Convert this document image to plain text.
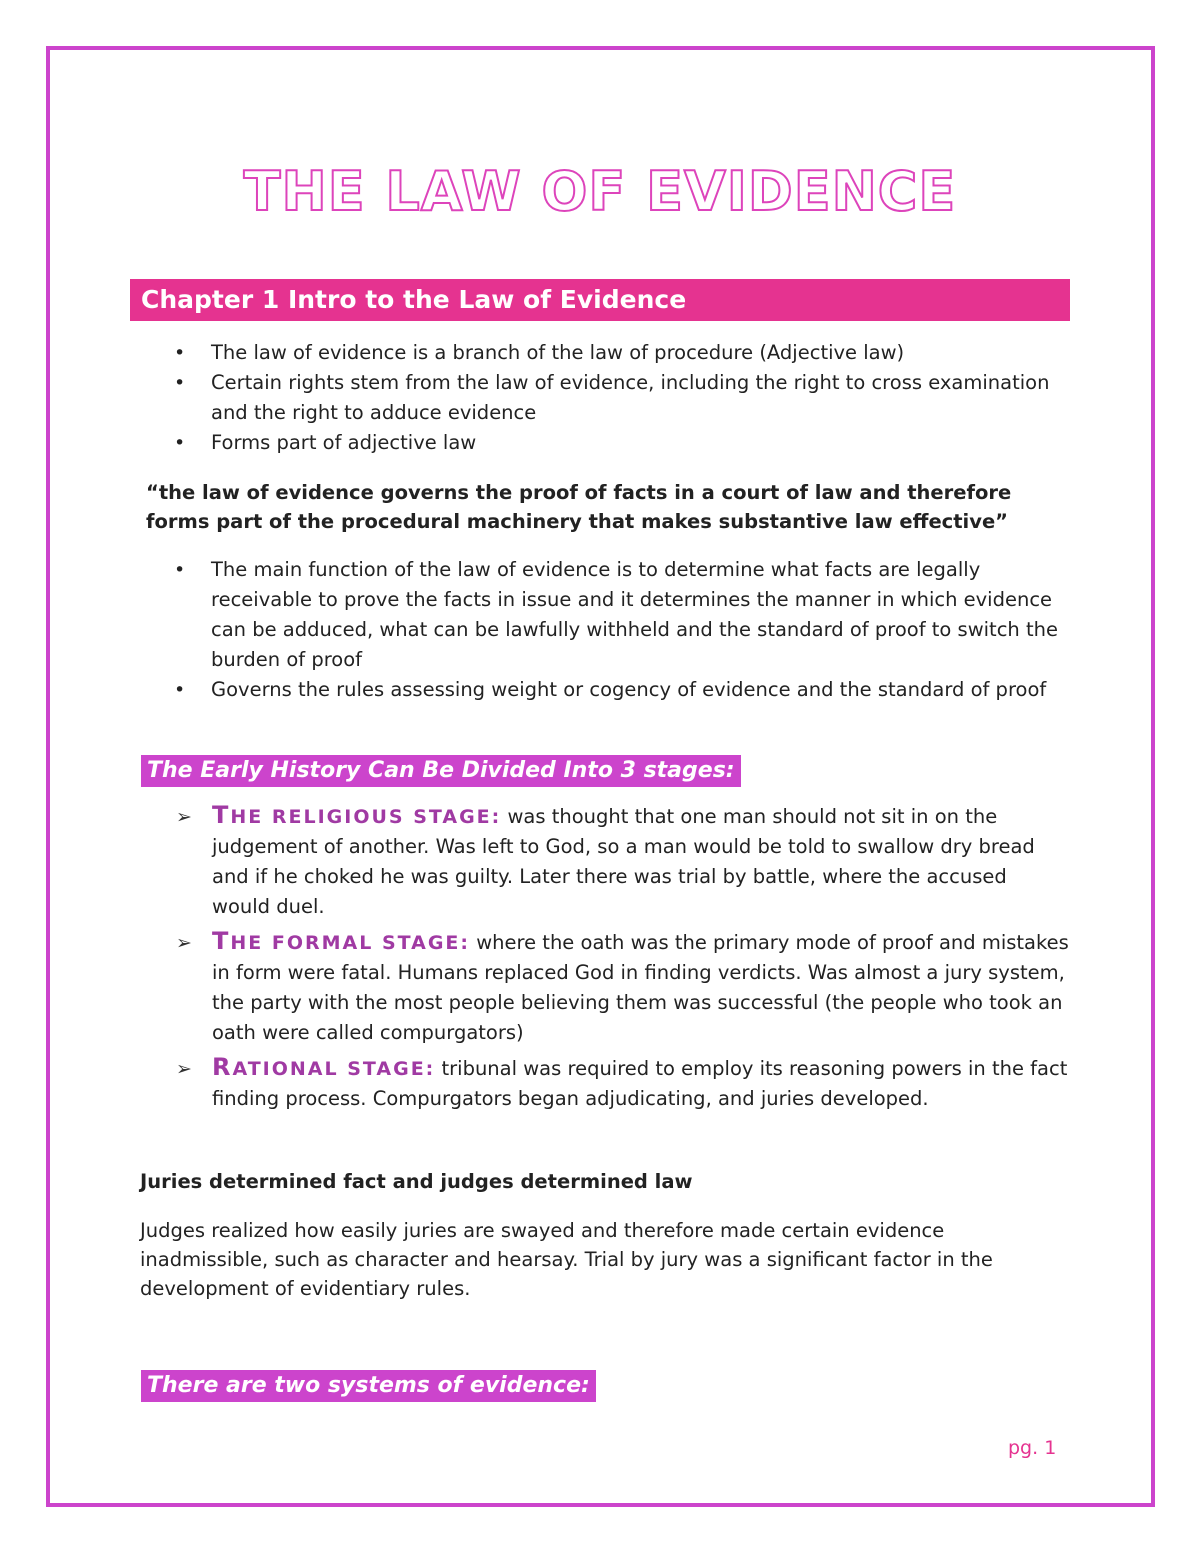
THE LAW OF EVIDENCE
Chapter 1 Intro to the Law of Evidence
• The law of evidence is a branch of the law of procedure (Adjective law)
• Certain rights stem from the law of evidence, including the right to cross examination and the right to adduce evidence
• Forms part of adjective law
“the law of evidence governs the proof of facts in a court of law and therefore forms part of the procedural machinery that makes substantive law effective”
• The main function of the law of evidence is to determine what facts are legally receivable to prove the facts in issue and it determines the manner in which evidence can be adduced, what can be lawfully withheld and the standard of proof to switch the burden of proof
• Governs the rules assessing weight or cogency of evidence and the standard of proof
The Early History Can Be Divided Into 3 stages:
➢ THE RELIGIOUS STAGE: was thought that one man should not sit in on the judgement of another. Was left to God, so a man would be told to swallow dry bread and if he choked he was guilty. Later there was trial by battle, where the accused would duel.
➢ THE FORMAL STAGE: where the oath was the primary mode of proof and mistakes in form were fatal. Humans replaced God in finding verdicts. Was almost a jury system, the party with the most people believing them was successful (the people who took an oath were called compurgators)
➢ RATIONAL STAGE: tribunal was required to employ its reasoning powers in the fact finding process. Compurgators began adjudicating, and juries developed.
Juries determined fact and judges determined law
Judges realized how easily juries are swayed and therefore made certain evidence inadmissible, such as character and hearsay. Trial by jury was a significant factor in the development of evidentiary rules.
There are two systems of evidence:
pg. 1
